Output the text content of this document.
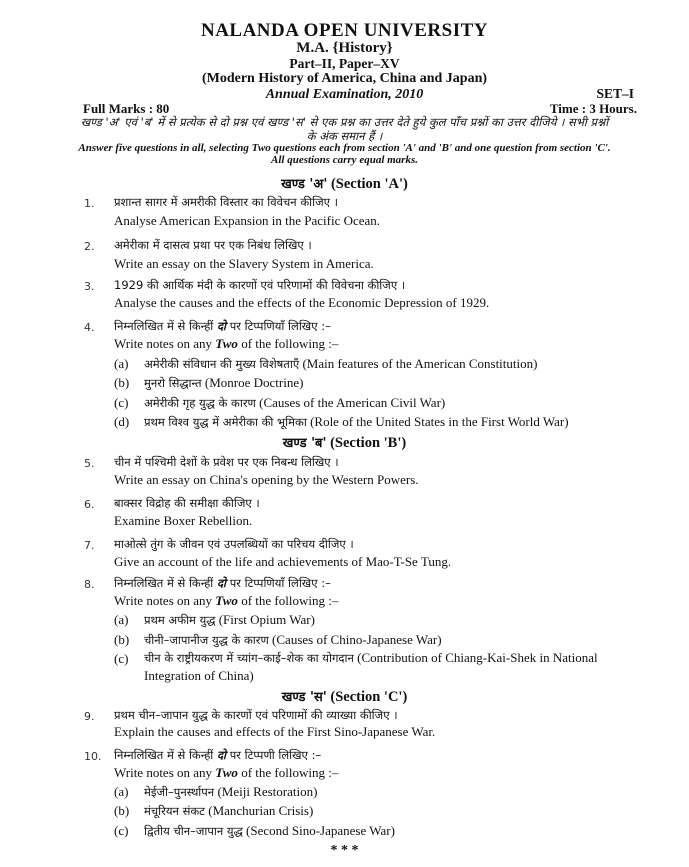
NALANDA OPEN UNIVERSITY
M.A. {History}
Part–II, Paper–XV
(Modern History of America, China and Japan)
Annual Examination, 2010	SET–I
Full Marks : 80	Time : 3 Hours.
खण्ड 'अ' एवं 'ब' में से प्रत्येक से दो प्रश्न एवं खण्ड 'स' से एक प्रश्न का उत्तर देते हुये कुल पाँच प्रश्नों का उत्तर दीजिये । सभी प्रश्नों के अंक समान हैं ।
Answer five questions in all, selecting Two questions each from section 'A' and 'B' and one question from section 'C'. All questions carry equal marks.
खण्ड 'अ' (Section 'A')
1. प्रशान्त सागर में अमरीकी विस्तार का विवेचन कीजिए ।
Analyse American Expansion in the Pacific Ocean.
2. अमेरीका में दासत्व प्रथा पर एक निबंध लिखिए ।
Write an essay on the Slavery System in America.
3. 1929 की आर्थिक मंदी के कारणों एवं परिणामों की विवेचना कीजिए ।
Analyse the causes and the effects of the Economic Depression of 1929.
4. निम्नलिखित में से किन्हीं दो पर टिप्पणियाँ लिखिए :–
Write notes on any Two of the following :–
(a) अमेरीकी संविधान की मुख्य विशेषताएँ (Main features of the American Constitution)
(b) मुनरो सिद्धान्त (Monroe Doctrine)
(c) अमेरीकी गृह युद्ध के कारण (Causes of the American Civil War)
(d) प्रथम विश्व युद्ध में अमेरीका की भूमिका (Role of the United States in the First World War)
खण्ड 'ब' (Section 'B')
5. चीन में पश्चिमी देशों के प्रवेश पर एक निबन्ध लिखिए ।
Write an essay on China's opening by the Western Powers.
6. बाक्सर विद्रोह की समीक्षा कीजिए ।
Examine Boxer Rebellion.
7. माओत्से तुंग के जीवन एवं उपलब्धियों का परिचय दीजिए ।
Give an account of the life and achievements of Mao-T-Se Tung.
8. निम्नलिखित में से किन्हीं दो पर टिप्पणियाँ लिखिए :–
Write notes on any Two of the following :–
(a) प्रथम अफीम युद्ध (First Opium War)
(b) चीनी–जापानीज युद्ध के कारण (Causes of Chino-Japanese War)
(c) चीन के राष्ट्रीयकरण में च्यांग–काई–शेक का योगदान (Contribution of Chiang-Kai-Shek in National Integration of China)
खण्ड 'स' (Section 'C')
9. प्रथम चीन–जापान युद्ध के कारणों एवं परिणामों की व्याख्या कीजिए ।
Explain the causes and effects of the First Sino-Japanese War.
10. निम्नलिखित में से किन्हीं दो पर टिप्पणी लिखिए :–
Write notes on any Two of the following :–
(a) मेईजी–पुनर्स्थापन (Meiji Restoration)
(b) मंचूरियन संकट (Manchurian Crisis)
(c) द्वितीय चीन–जापान युद्ध (Second Sino-Japanese War)
* * *
